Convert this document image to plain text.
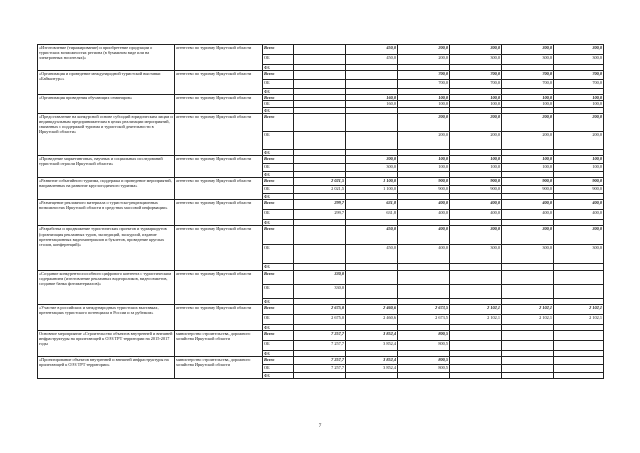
«Изготовление (тиражирование) и приобретение продукции о туристских возможностях региона (в бумажном виде или на электронных носителях)»	агентство по туризму Иркутской области	Всего		450,0	200,0	300,0	300,0	300,0
		ОБ		450,0	200,0	300,0	300,0	300,0
		ФБ						
«Организация и проведение международной туристской выставки «Байкалтур»»	агентство по туризму Иркутской области	Всего			700,0	700,0	700,0	700,0
		ОБ			700,0	700,0	700,0	700,0
		ФБ						
«Организация проведения обучающих семинаров»	агентство по туризму Иркутской области	Всего		160,0	100,0	100,0	100,0	100,0
		ОБ		160,0	100,0	100,0	100,0	100,0
		ФБ						
«Предоставление на конкурсной основе субсидий юридическим лицам и индивидуальным предпринимателям в целях реализации мероприятий, связанных с поддержкой туризма и туристской деятельности в Иркутской области»	агентство по туризму Иркутской области	Всего			200,0	200,0	200,0	200,0
		ОБ			200,0	200,0	200,0	200,0
		ФБ						
«Проведение маркетинговых, научных и социальных исследований туристской отрасли Иркутской области»	агентство по туризму Иркутской области	Всего		300,0	100,0	100,0	100,0	100,0
		ОБ		300,0	100,0	100,0	100,0	100,0
		ФБ						
«Развитие событийного туризма, поддержка и проведение мероприятий, направленных на развитие круглогодичного туризма»	агентство по туризму Иркутской области	Всего	2 021,5	1 100,0	900,0	900,0	900,0	900,0
		ОБ	2 021,5	1 100,0	900,0	900,0	900,0	900,0
		ФБ						
«Размещение рекламного материала о туристско-рекреационных возможностях Иркутской области в средствах массовой информации»	агентство по туризму Иркутской области	Всего	299,7	631,8	400,0	400,0	400,0	400,0
		ОБ	299,7	631,8	400,0	400,0	400,0	400,0
		ФБ						
«Разработка и продвижение туристических проектов и турмаршрутов (организация рекламных туров, экспедиций, экскурсий, издание презентационных видеоматериалов и буклетов, проведение круглых столов, конференций)»	агентство по туризму Иркутской области	Всего		450,0	400,0	300,0	300,0	300,0
		ОБ		450,0	400,0	300,0	300,0	300,0
		ФБ						
«Создание конкурентоспособного цифрового контента с туристическим содержанием (изготовление рекламных видеороликов, видеосюжетов, создание банка фотоматериалов)»	агентство по туризму Иркутской области	Всего	330,0					
		ОБ	330,0					
		ФБ						
«Участие в российских и международных туристских выставках, презентациях туристского потенциала в России и за рубежом»	агентство по туризму Иркутской области	Всего	2 675,0	2 460,6	2 673,5	2 102,1	2 102,1	2 102,1
		ОБ	2 675,0	2 460,6	2 673,5	2 102,1	2 102,1	2 102,1
		ФБ						
Основное мероприятие «Строительство объектов внутренней и внешней инфраструктуры на прилегающей к ОЭЗ ТРТ территории на 2015-2017 годы	министерство строительства, дорожного хозяйства Иркутской области	Всего	7 257,7	3 852,4	800,5			
		ОБ	7 257,7	3 852,4	800,5			
		ФБ						
«Проектирование объектов внутренней и внешней инфраструктуры на прилегающей к ОЭЗ ТРТ территории»	министерство строительства, дорожного хозяйства Иркутской области	Всего	7 257,7	3 852,4	800,5			
		ОБ	7 257,7	3 852,4	800,5			
		ФБ						
7
